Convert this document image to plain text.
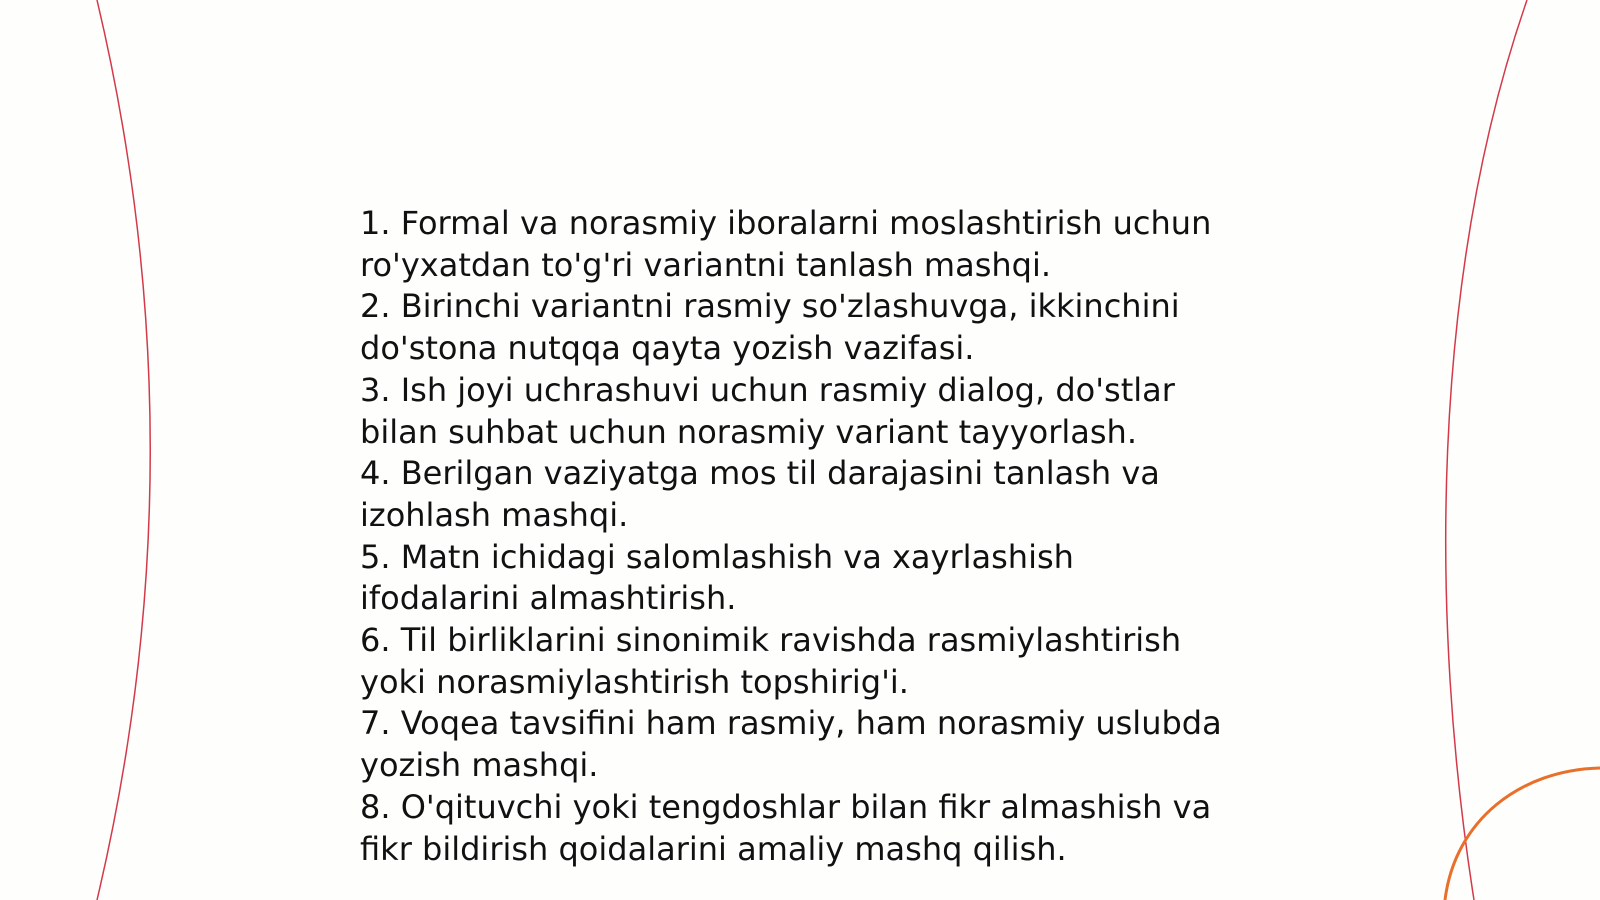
1. Formal va norasmiy iboralarni moslashtirish uchun ro'yxatdan to'g'ri variantni tanlash mashqi.
2. Birinchi variantni rasmiy so'zlashuvga, ikkinchini do'stona nutqqa qayta yozish vazifasi.
3. Ish joyi uchrashuvi uchun rasmiy dialog, do'stlar bilan suhbat uchun norasmiy variant tayyorlash.
4. Berilgan vaziyatga mos til darajasini tanlash va izohlash mashqi.
5. Matn ichidagi salomlashish va xayrlashish ifodalarini almashtirish.
6. Til birliklarini sinonimik ravishda rasmiylashtirish yoki norasmiylashtirish topshirig'i.
7. Voqea tavsifini ham rasmiy, ham norasmiy uslubda yozish mashqi.
8. O'qituvchi yoki tengdoshlar bilan fikr almashish va fikr bildirish qoidalarini amaliy mashq qilish.
